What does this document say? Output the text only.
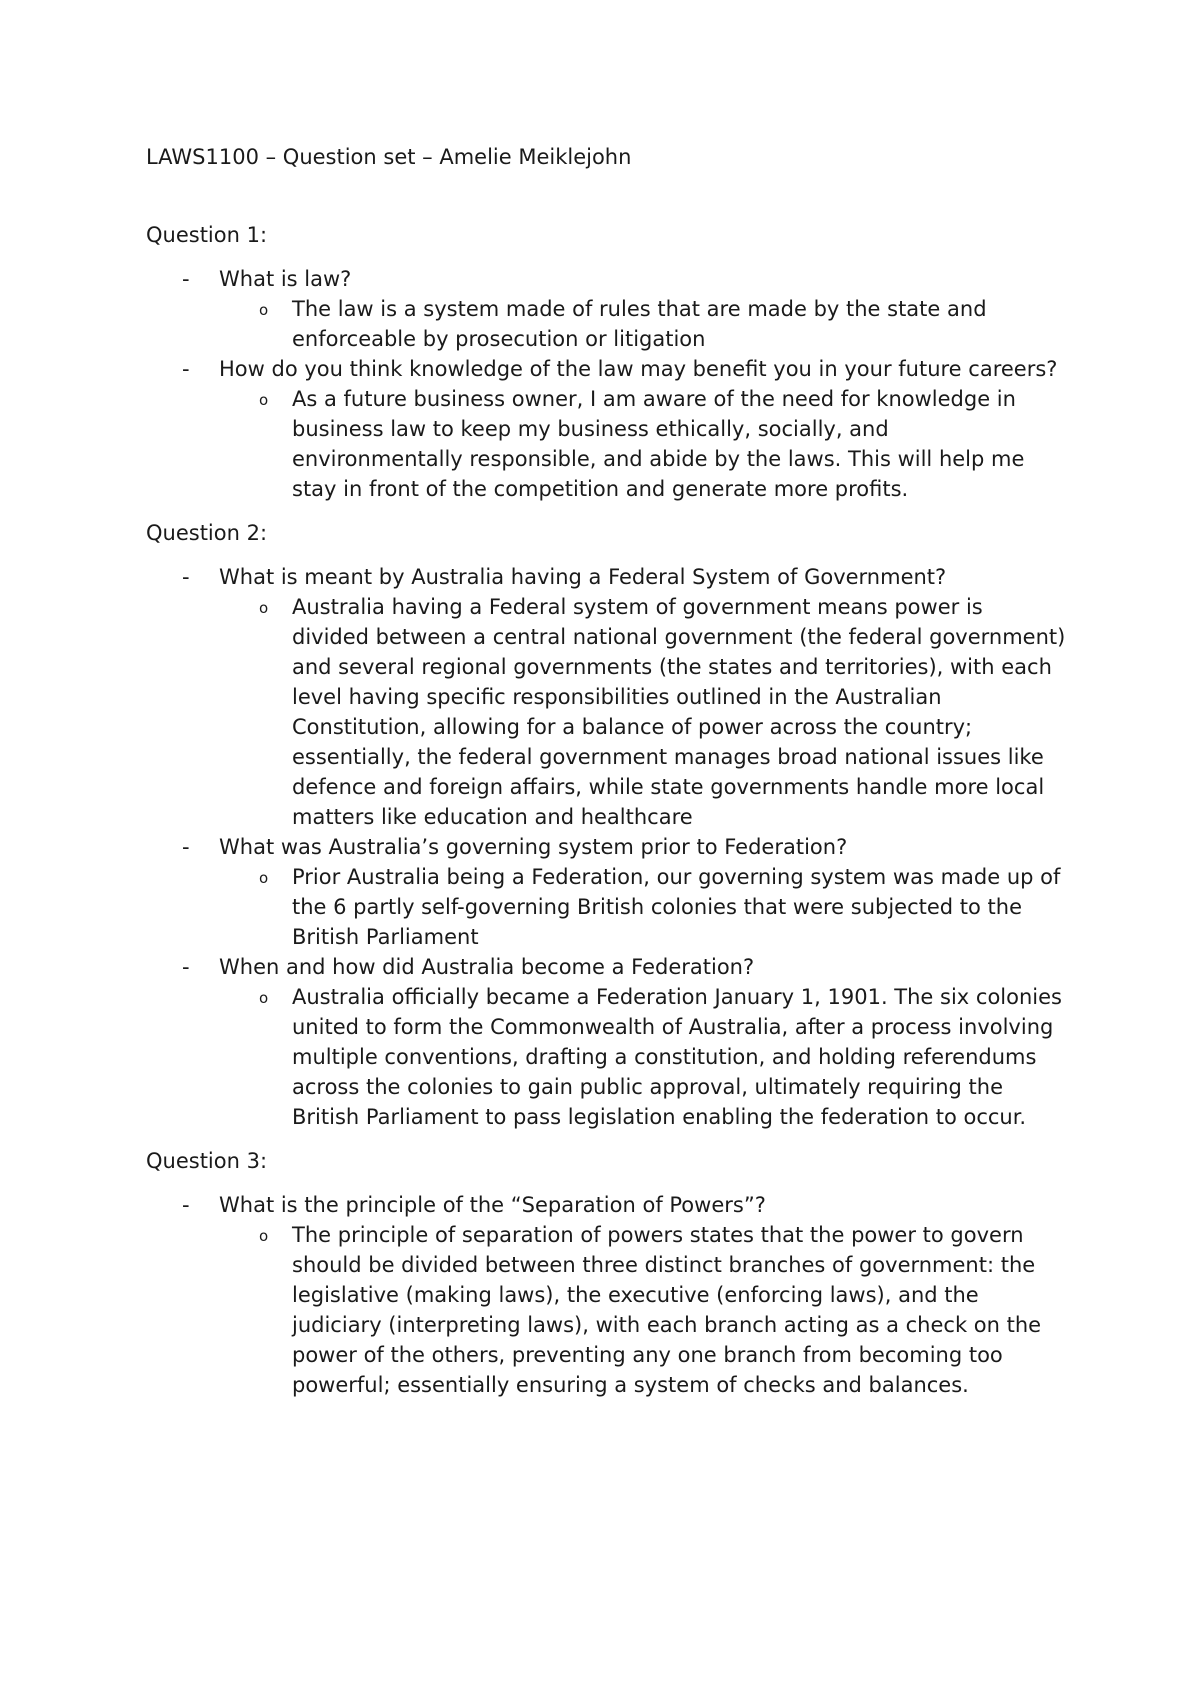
LAWS1100 – Question set – Amelie Meiklejohn
Question 1:
- What is law?
o The law is a system made of rules that are made by the state and enforceable by prosecution or litigation
- How do you think knowledge of the law may benefit you in your future careers?
o As a future business owner, I am aware of the need for knowledge in business law to keep my business ethically, socially, and environmentally responsible, and abide by the laws. This will help me stay in front of the competition and generate more profits.
Question 2:
- What is meant by Australia having a Federal System of Government?
o Australia having a Federal system of government means power is divided between a central national government (the federal government) and several regional governments (the states and territories), with each level having specific responsibilities outlined in the Australian Constitution, allowing for a balance of power across the country; essentially, the federal government manages broad national issues like defence and foreign affairs, while state governments handle more local matters like education and healthcare
- What was Australia’s governing system prior to Federation?
o Prior Australia being a Federation, our governing system was made up of the 6 partly self-governing British colonies that were subjected to the British Parliament
- When and how did Australia become a Federation?
o Australia officially became a Federation January 1, 1901. The six colonies united to form the Commonwealth of Australia, after a process involving multiple conventions, drafting a constitution, and holding referendums across the colonies to gain public approval, ultimately requiring the British Parliament to pass legislation enabling the federation to occur.
Question 3:
- What is the principle of the “Separation of Powers”?
o The principle of separation of powers states that the power to govern should be divided between three distinct branches of government: the legislative (making laws), the executive (enforcing laws), and the judiciary (interpreting laws), with each branch acting as a check on the power of the others, preventing any one branch from becoming too powerful; essentially ensuring a system of checks and balances.
